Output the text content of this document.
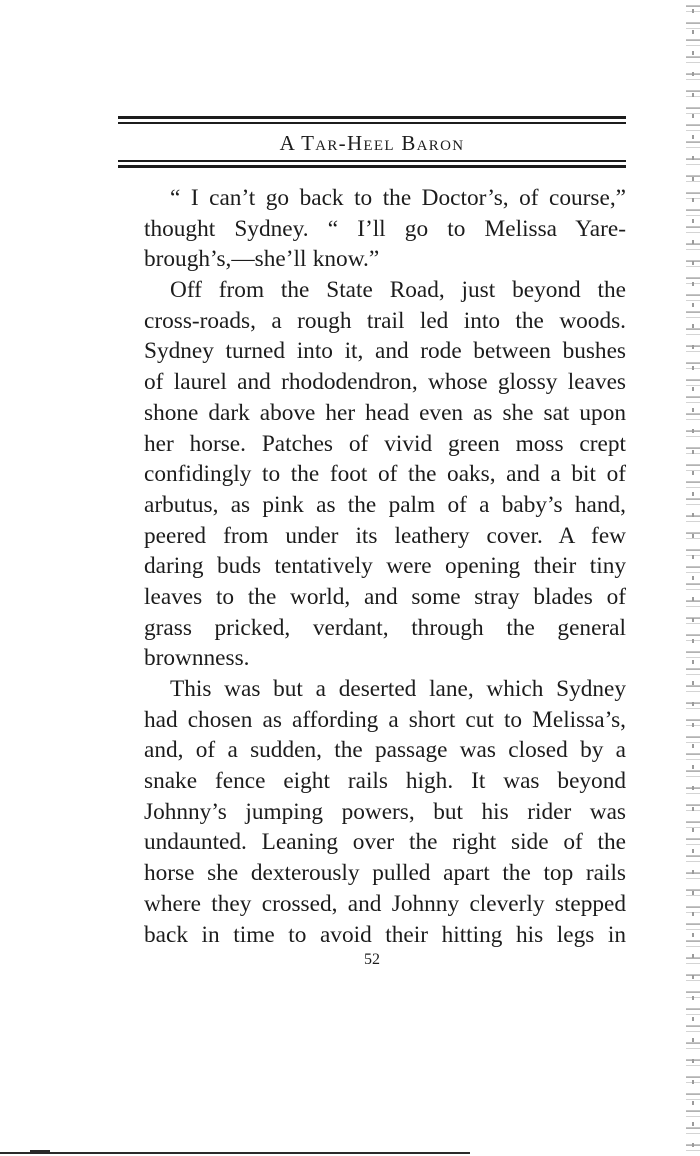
A Tar-Heel Baron
“ I can’t go back to the Doctor’s, of course,”
thought Sydney. “ I’ll go to Melissa Yare-
brough’s,—she’ll know.”
Off from the State Road, just beyond the
cross-roads, a rough trail led into the woods.
Sydney turned into it, and rode between bushes
of laurel and rhododendron, whose glossy leaves
shone dark above her head even as she sat upon
her horse. Patches of vivid green moss crept
confidingly to the foot of the oaks, and a bit of
arbutus, as pink as the palm of a baby’s hand,
peered from under its leathery cover. A few
daring buds tentatively were opening their tiny
leaves to the world, and some stray blades of
grass pricked, verdant, through the general
brownness.
This was but a deserted lane, which Sydney
had chosen as affording a short cut to Melissa’s,
and, of a sudden, the passage was closed by a
snake fence eight rails high. It was beyond
Johnny’s jumping powers, but his rider was
undaunted. Leaning over the right side of the
horse she dexterously pulled apart the top rails
where they crossed, and Johnny cleverly stepped
back in time to avoid their hitting his legs in
52
